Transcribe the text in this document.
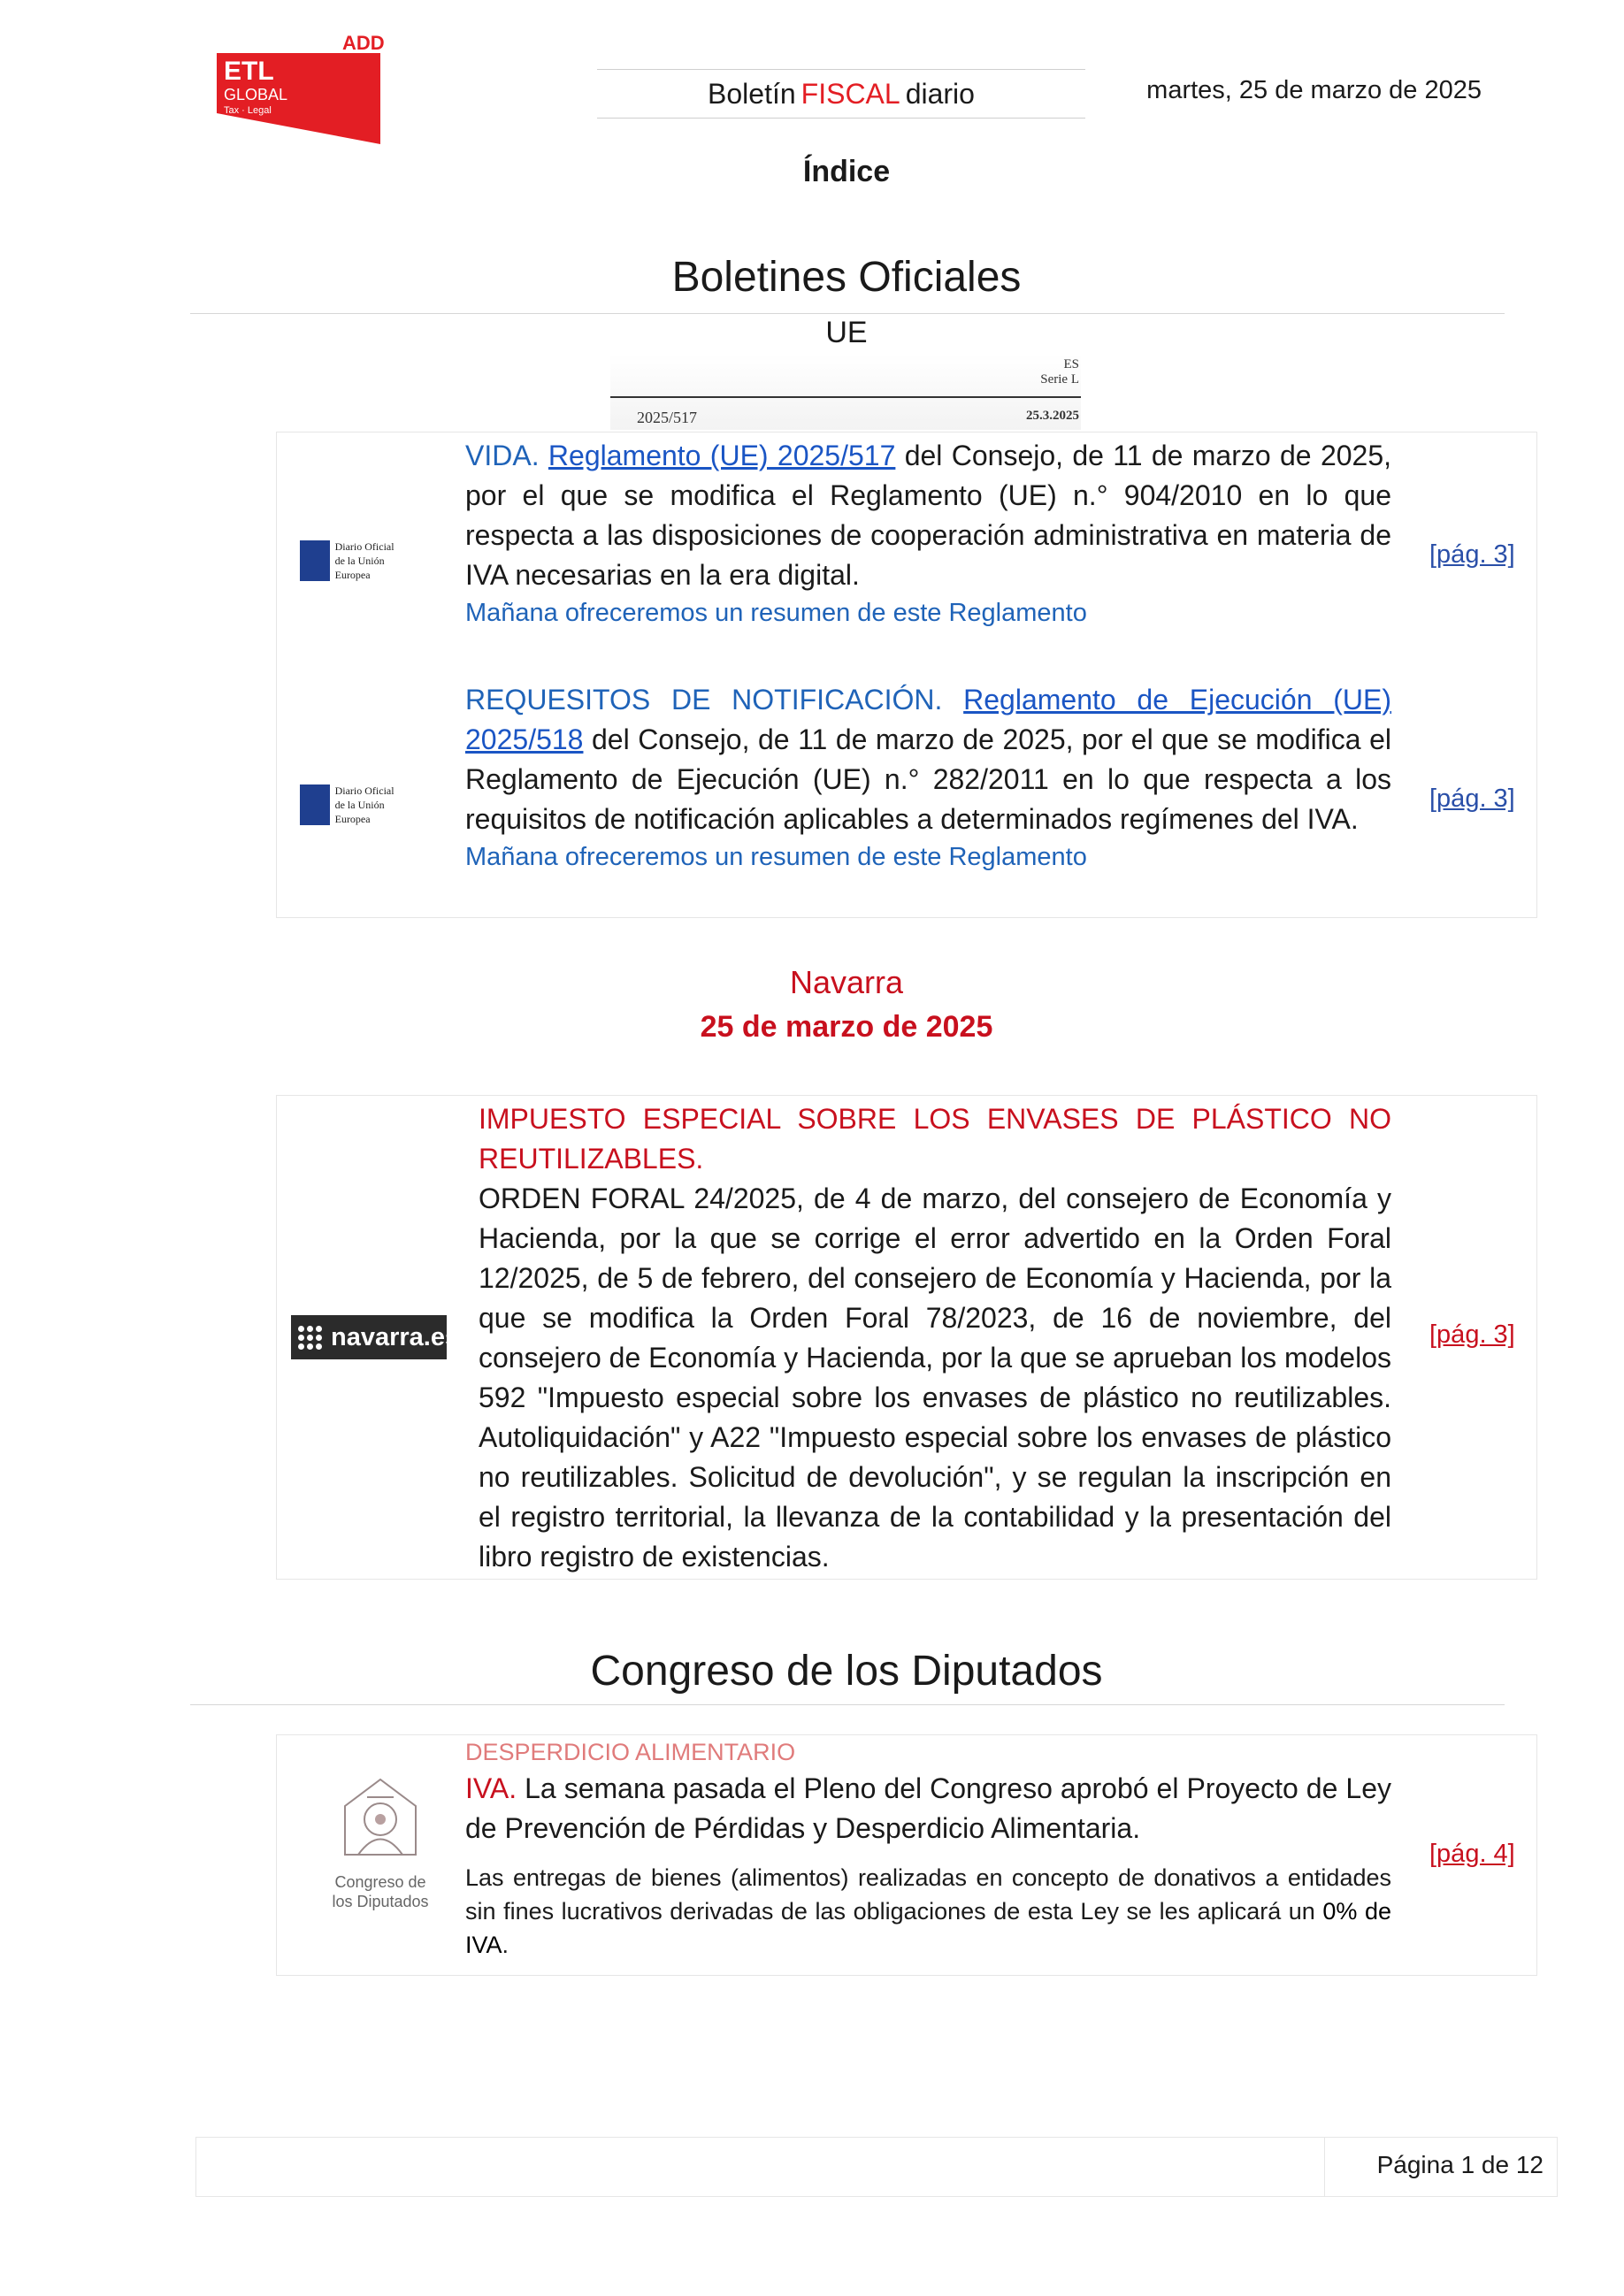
ADD
ETL
GLOBAL
Tax · Legal
Boletín FISCAL diario	martes, 25 de marzo de 2025
Índice
Boletines Oficiales
UE
ES
Serie L
2025/517	25.3.2025
Diario Oficial
de la Unión Europea
VIDA. Reglamento (UE) 2025/517 del Consejo, de 11 de marzo de 2025, por el que se modifica el Reglamento (UE) n.° 904/2010 en lo que respecta a las disposiciones de cooperación administrativa en materia de IVA necesarias en la era digital.
Mañana ofreceremos un resumen de este Reglamento
[pág. 3]
Diario Oficial
de la Unión Europea
REQUESITOS DE NOTIFICACIÓN. Reglamento de Ejecución (UE) 2025/518 del Consejo, de 11 de marzo de 2025, por el que se modifica el Reglamento de Ejecución (UE) n.° 282/2011 en lo que respecta a los requisitos de notificación aplicables a determinados regímenes del IVA.
Mañana ofreceremos un resumen de este Reglamento
[pág. 3]
Navarra
25 de marzo de 2025
navarra.es
IMPUESTO ESPECIAL SOBRE LOS ENVASES DE PLÁSTICO NO REUTILIZABLES.
ORDEN FORAL 24/2025, de 4 de marzo, del consejero de Economía y Hacienda, por la que se corrige el error advertido en la Orden Foral 12/2025, de 5 de febrero, del consejero de Economía y Hacienda, por la que se modifica la Orden Foral 78/2023, de 16 de noviembre, del consejero de Economía y Hacienda, por la que se aprueban los modelos 592 "Impuesto especial sobre los envases de plástico no reutilizables. Autoliquidación" y A22 "Impuesto especial sobre los envases de plástico no reutilizables. Solicitud de devolución", y se regulan la inscripción en el registro territorial, la llevanza de la contabilidad y la presentación del libro registro de existencias.
[pág. 3]
Congreso de los Diputados
Congreso de
los Diputados
DESPERDICIO ALIMENTARIO
IVA. La semana pasada el Pleno del Congreso aprobó el Proyecto de Ley de Prevención de Pérdidas y Desperdicio Alimentaria.
Las entregas de bienes (alimentos) realizadas en concepto de donativos a entidades sin fines lucrativos derivadas de las obligaciones de esta Ley se les aplicará un 0% de IVA.
[pág. 4]
Página 1 de 12
